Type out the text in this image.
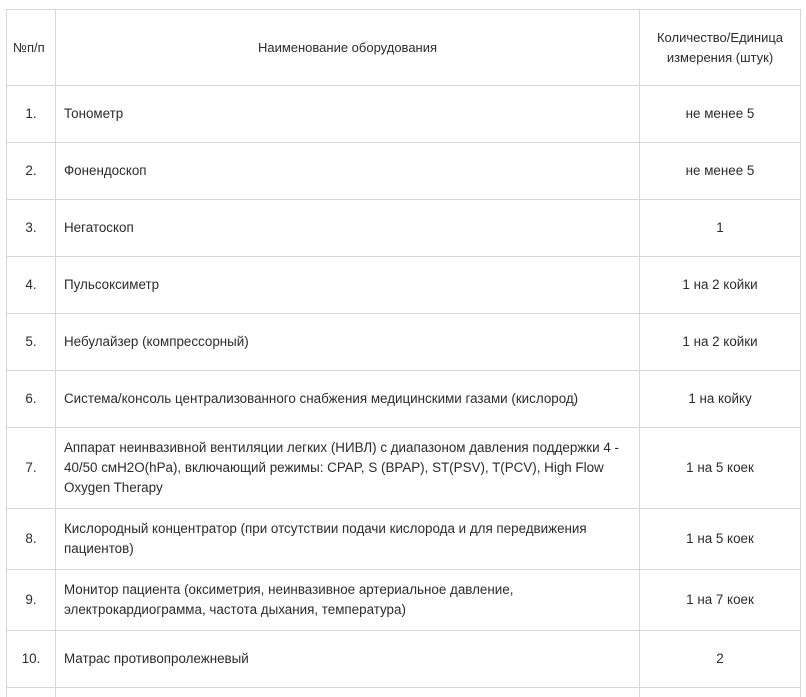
№п/п	Наименование оборудования	Количество/Единица измерения (штук)
1.	Тонометр	не менее 5
2.	Фонендоскоп	не менее 5
3.	Негатоскоп	1
4.	Пульсоксиметр	1 на 2 койки
5.	Небулайзер (компрессорный)	1 на 2 койки
6.	Система/консоль централизованного снабжения медицинскими газами (кислород)	1 на койку
7.	Аппарат неинвазивной вентиляции легких (НИВЛ) с диапазоном давления поддержки 4 - 40/50 смН2О(hPa), включающий режимы: CPAP, S (BPAP), ST(PSV), T(PCV), High Flow Oxygen Therapy	1 на 5 коек
8.	Кислородный концентратор (при отсутствии подачи кислорода и для передвижения пациентов)	1 на 5 коек
9.	Монитор пациента (оксиметрия, неинвазивное артериальное давление, электрокардиограмма, частота дыхания, температура)	1 на 7 коек
10.	Матрас противопролежневый	2
